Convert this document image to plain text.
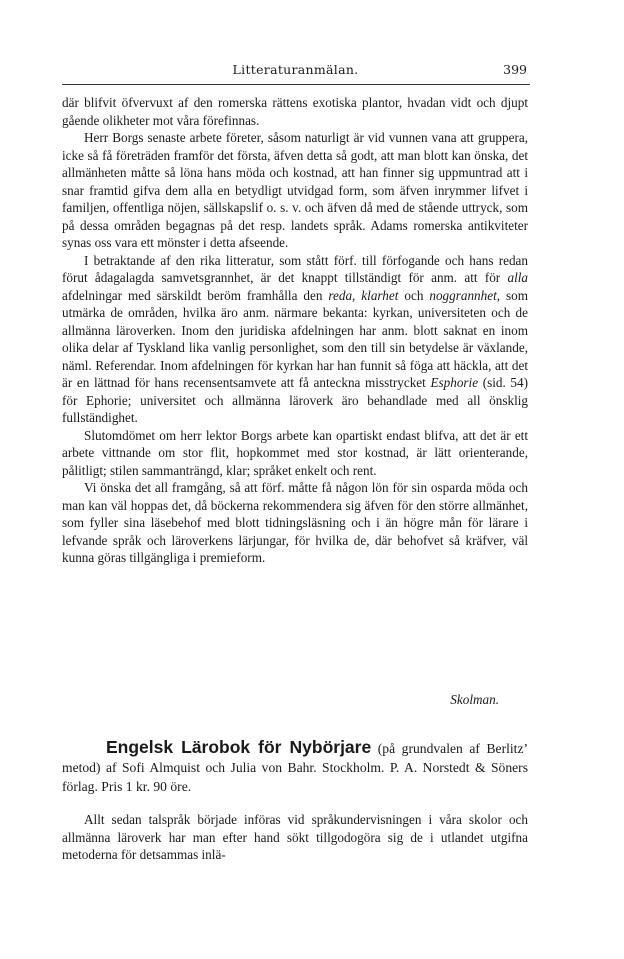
Litteraturanmälan.	399

där blifvit öfvervuxt af den romerska rättens exotiska plantor, hvadan vidt och djupt gående olikheter mot våra förefinnas.

Herr Borgs senaste arbete företer, såsom naturligt är vid vunnen vana att gruppera, icke så få företräden framför det första, äfven detta så godt, att man blott kan önska, det allmänheten måtte så löna hans möda och kostnad, att han finner sig uppmuntrad att i snar framtid gifva dem alla en betydligt utvidgad form, som äfven inrymmer lifvet i familjen, offentliga nöjen, sällskapslif o. s. v. och äfven då med de stående uttryck, som på dessa områden begagnas på det resp. landets språk. Adams romerska antikviteter synas oss vara ett mönster i detta afseende.

I betraktande af den rika litteratur, som stått förf. till förfogande och hans redan förut ådagalagda samvetsgrannhet, är det knappt tillständigt för anm. att för alla afdelningar med särskildt beröm framhålla den reda, klarhet och noggrannhet, som utmärka de områden, hvilka äro anm. närmare bekanta: kyrkan, universiteten och de allmänna läroverken. Inom den juridiska afdelningen har anm. blott saknat en inom olika delar af Tyskland lika vanlig personlighet, som den till sin betydelse är växlande, näml. Referendar. Inom afdelningen för kyrkan har han funnit så föga att häckla, att det är en lättnad för hans recensentsamvete att få anteckna misstrycket Esphorie (sid. 54) för Ephorie; universitet och allmänna läroverk äro behandlade med all önsklig fullständighet.

Slutomdömet om herr lektor Borgs arbete kan opartiskt endast blifva, att det är ett arbete vittnande om stor flit, hopkommet med stor kostnad, är lätt orienterande, pålitligt; stilen sammanträngd, klar; språket enkelt och rent.

Vi önska det all framgång, så att förf. måtte få någon lön för sin osparda möda och man kan väl hoppas det, då böckerna rekommendera sig äfven för den större allmänhet, som fyller sina läsebehof med blott tidningsläsning och i än högre mån för lärare i lefvande språk och läroverkens lärjungar, för hvilka de, där behofvet så kräfver, väl kunna göras tillgängliga i premieform.

Skolman.
Engelsk Lärobok för Nybörjare (på grundvalen af Berlitz’ metod) af Sofi Almquist och Julia von Bahr. Stockholm. P. A. Norstedt & Söners förlag. Pris 1 kr. 90 öre.

Allt sedan talspråk började införas vid språkundervisningen i våra skolor och allmänna läroverk har man efter hand sökt tillgodogöra sig de i utlandet utgifna metoderna för detsammas inlä-
